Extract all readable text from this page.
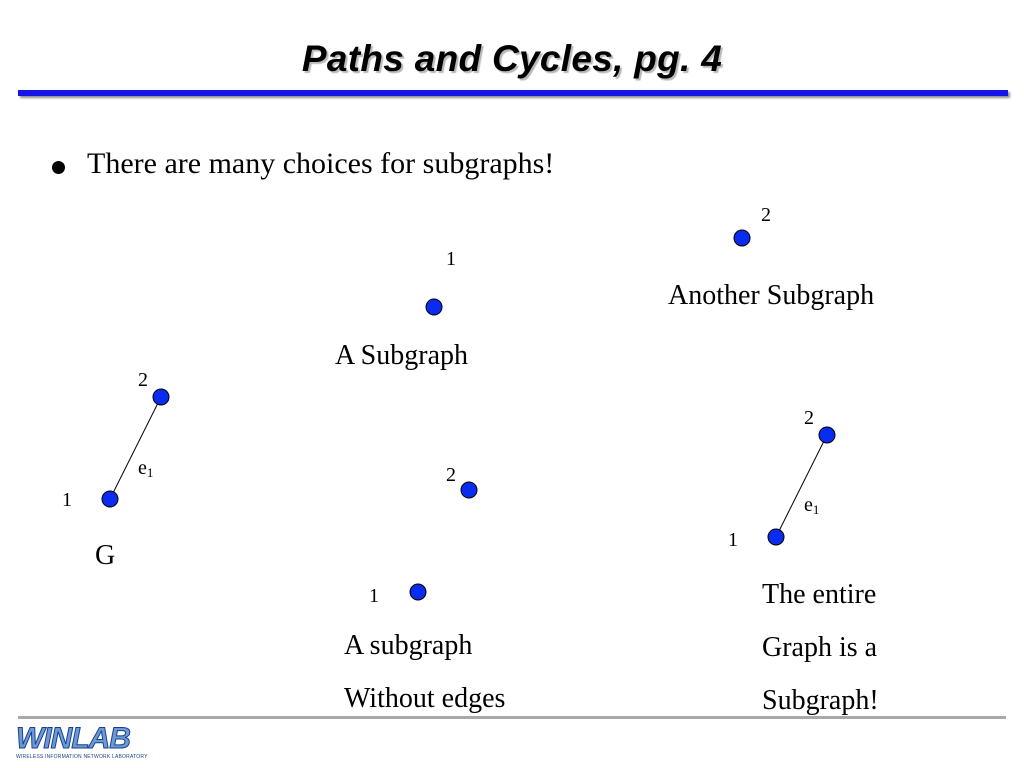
Paths and Cycles, pg. 4
There are many choices for subgraphs!
2
1
$e_1$
G
1
A Subgraph
2
Another Subgraph
2
1
A subgraph
Without edges
2
1
$e_1$
The entire
Graph is a
Subgraph!
WINLAB
WIRELESS INFORMATION NETWORK LABORATORY
